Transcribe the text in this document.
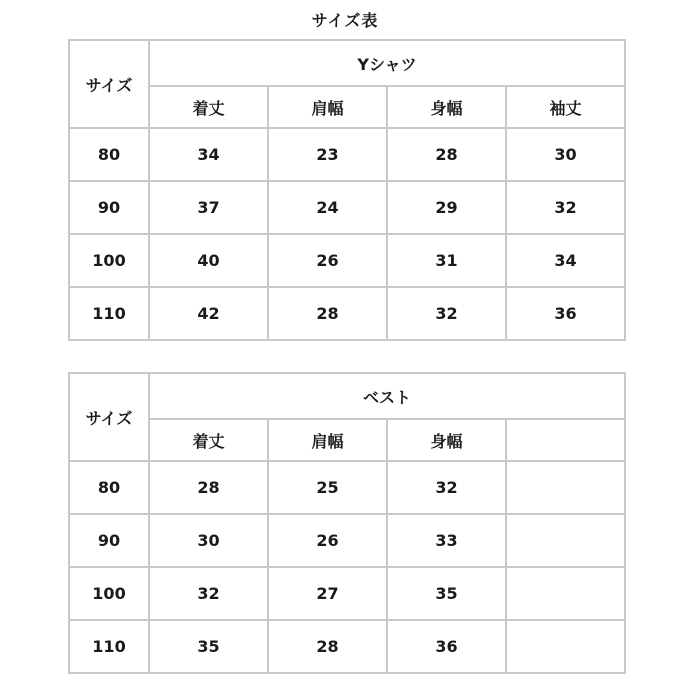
サイズ表
サイズ	Yシャツ			
	着丈	肩幅	身幅	袖丈
80	34	23	28	30
90	37	24	29	32
100	40	26	31	34
110	42	28	32	36
サイズ	ベスト			
	着丈	肩幅	身幅	
80	28	25	32	
90	30	26	33	
100	32	27	35	
110	35	28	36	
